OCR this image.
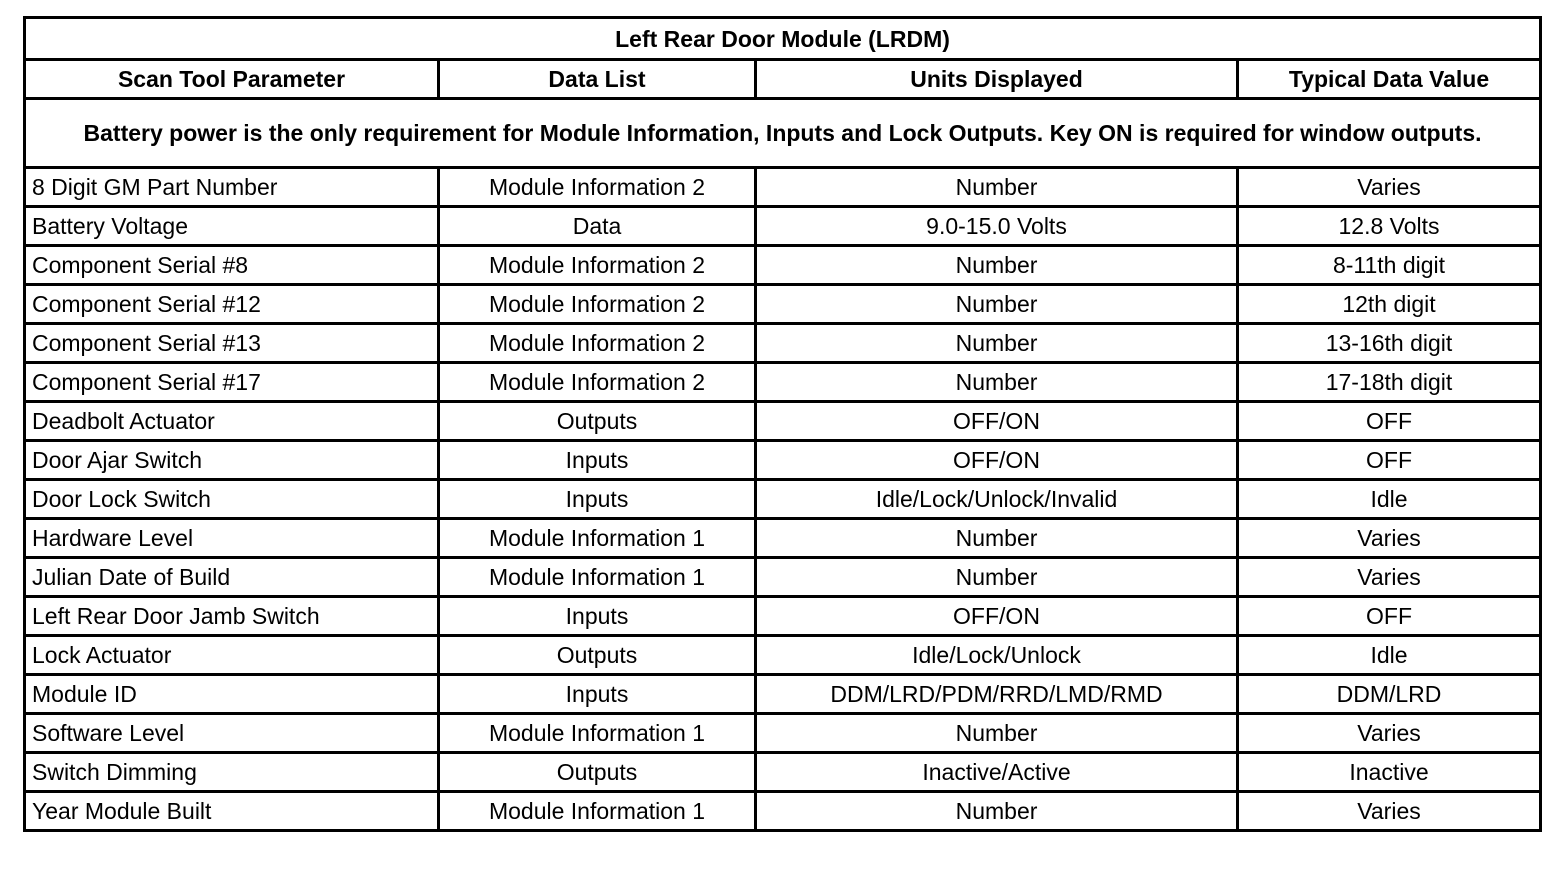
Left Rear Door Module (LRDM)			
Scan Tool Parameter	Data List	Units Displayed	Typical Data Value
Battery power is the only requirement for Module Information, Inputs and Lock Outputs. Key ON is required for window outputs.			
8 Digit GM Part Number	Module Information 2	Number	Varies
Battery Voltage	Data	9.0-15.0 Volts	12.8 Volts
Component Serial #8	Module Information 2	Number	8-11th digit
Component Serial #12	Module Information 2	Number	12th digit
Component Serial #13	Module Information 2	Number	13-16th digit
Component Serial #17	Module Information 2	Number	17-18th digit
Deadbolt Actuator	Outputs	OFF/ON	OFF
Door Ajar Switch	Inputs	OFF/ON	OFF
Door Lock Switch	Inputs	Idle/Lock/Unlock/Invalid	Idle
Hardware Level	Module Information 1	Number	Varies
Julian Date of Build	Module Information 1	Number	Varies
Left Rear Door Jamb Switch	Inputs	OFF/ON	OFF
Lock Actuator	Outputs	Idle/Lock/Unlock	Idle
Module ID	Inputs	DDM/LRD/PDM/RRD/LMD/RMD	DDM/LRD
Software Level	Module Information 1	Number	Varies
Switch Dimming	Outputs	Inactive/Active	Inactive
Year Module Built	Module Information 1	Number	Varies
